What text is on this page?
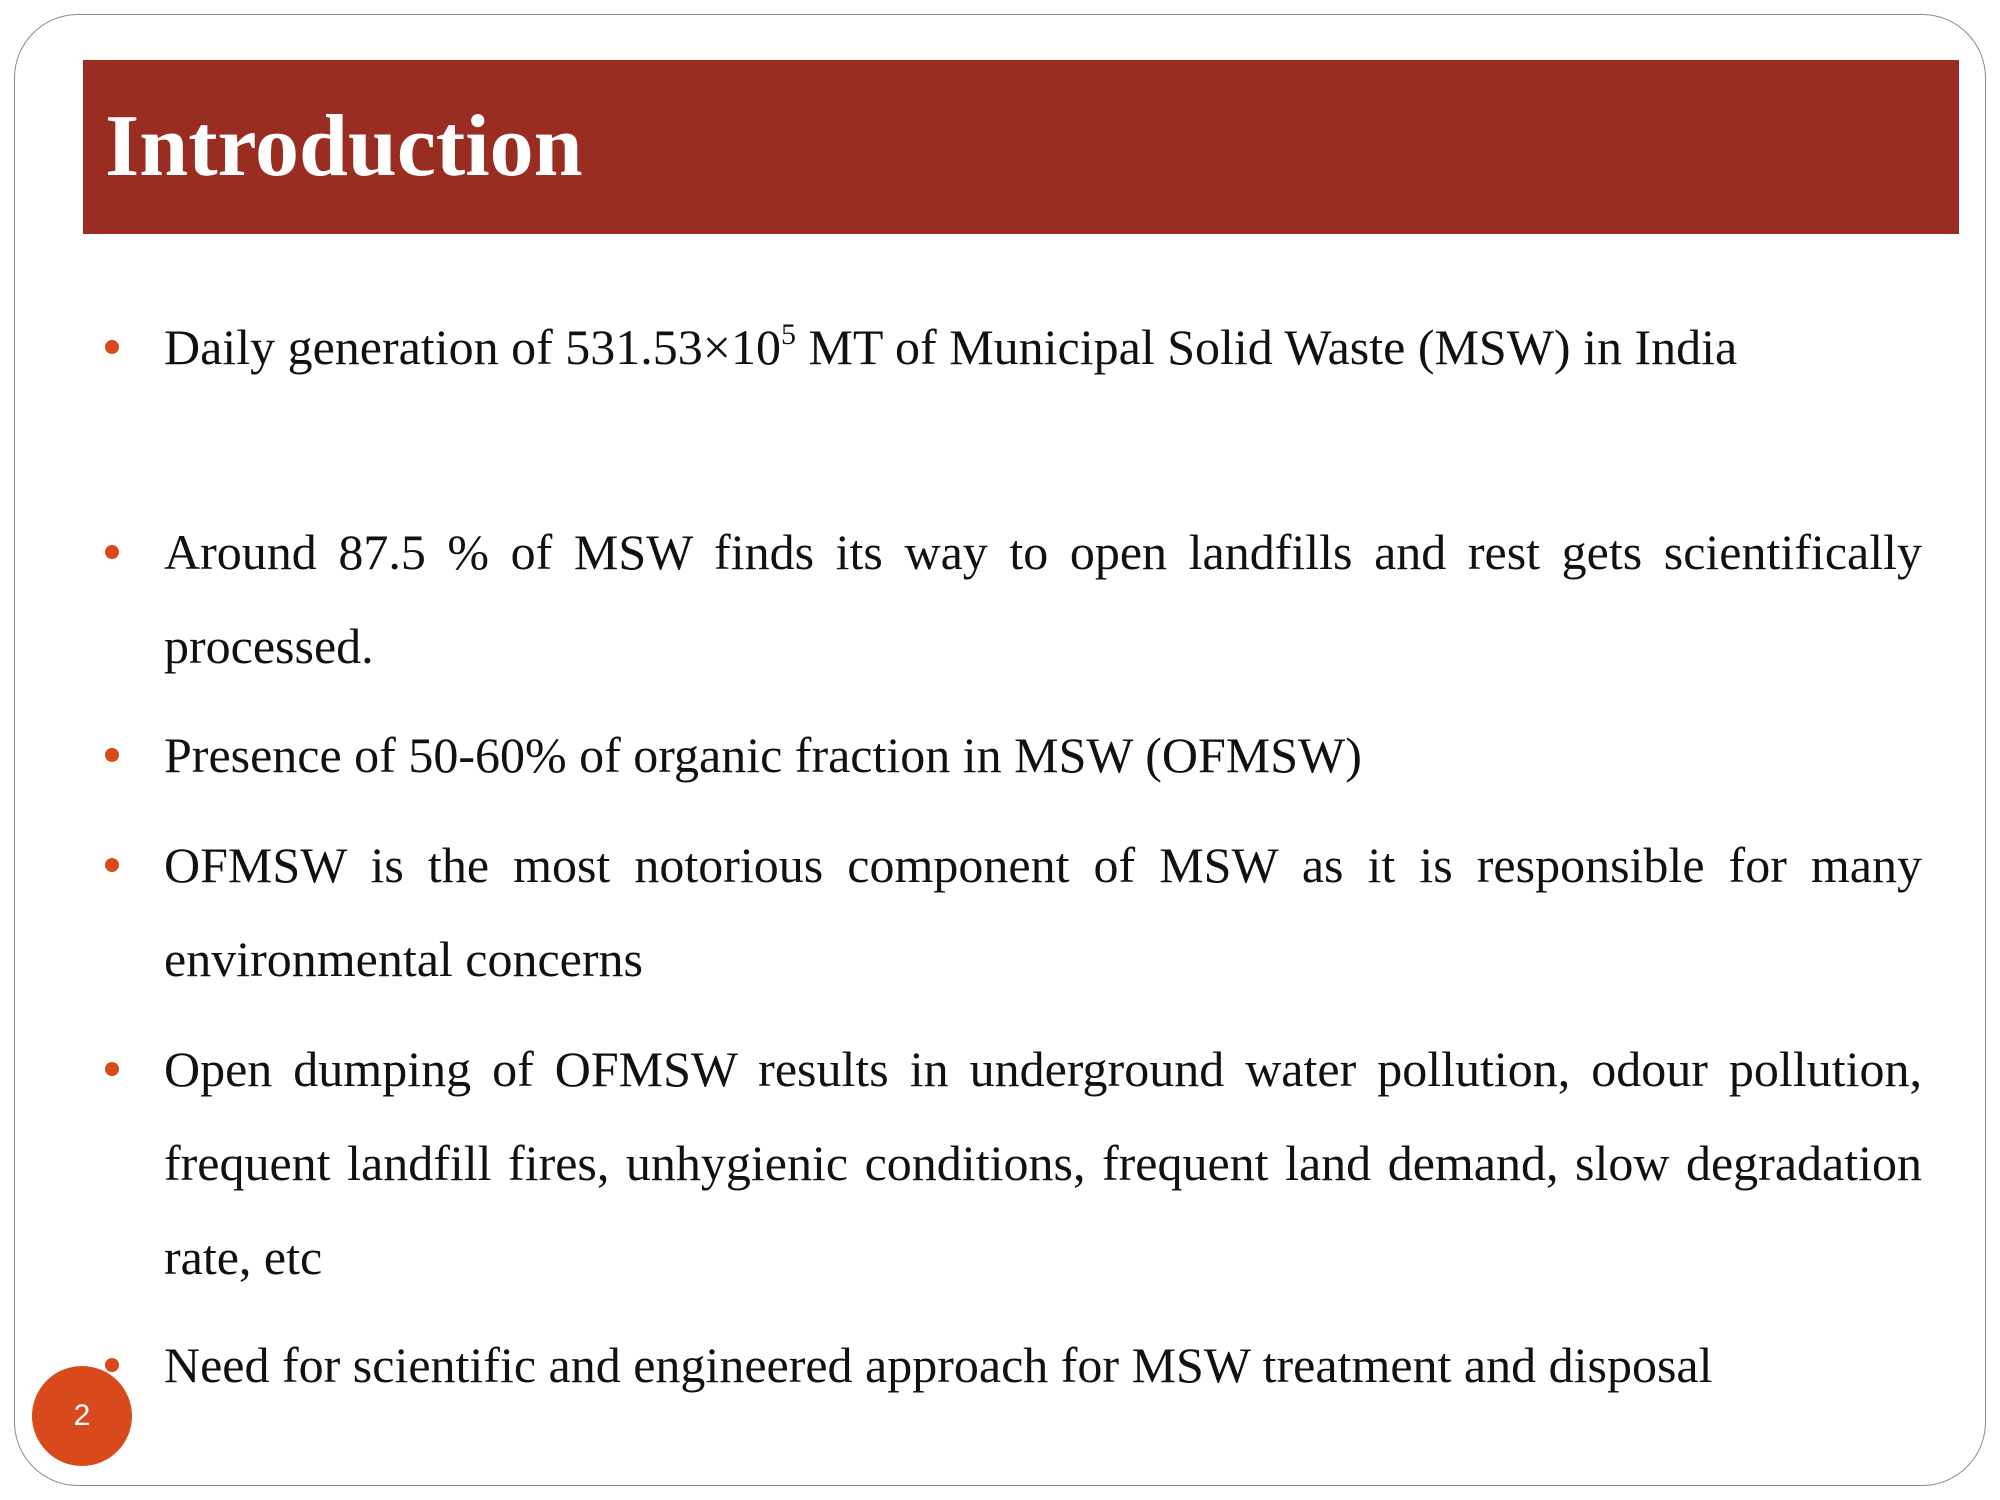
Introduction
Daily generation of $531.53\times 10^5$ MT of Municipal Solid Waste (MSW) in India
Around 87.5 % of MSW finds its way to open landfills and rest gets scientifically processed.
Presence of 50-60% of organic fraction in MSW (OFMSW)
OFMSW is the most notorious component of MSW as it is responsible for many environmental concerns
Open dumping of OFMSW results in underground water pollution, odour pollution, frequent landfill fires, unhygienic conditions, frequent land demand, slow degradation rate, etc
Need for scientific and engineered approach for MSW treatment and disposal
2
